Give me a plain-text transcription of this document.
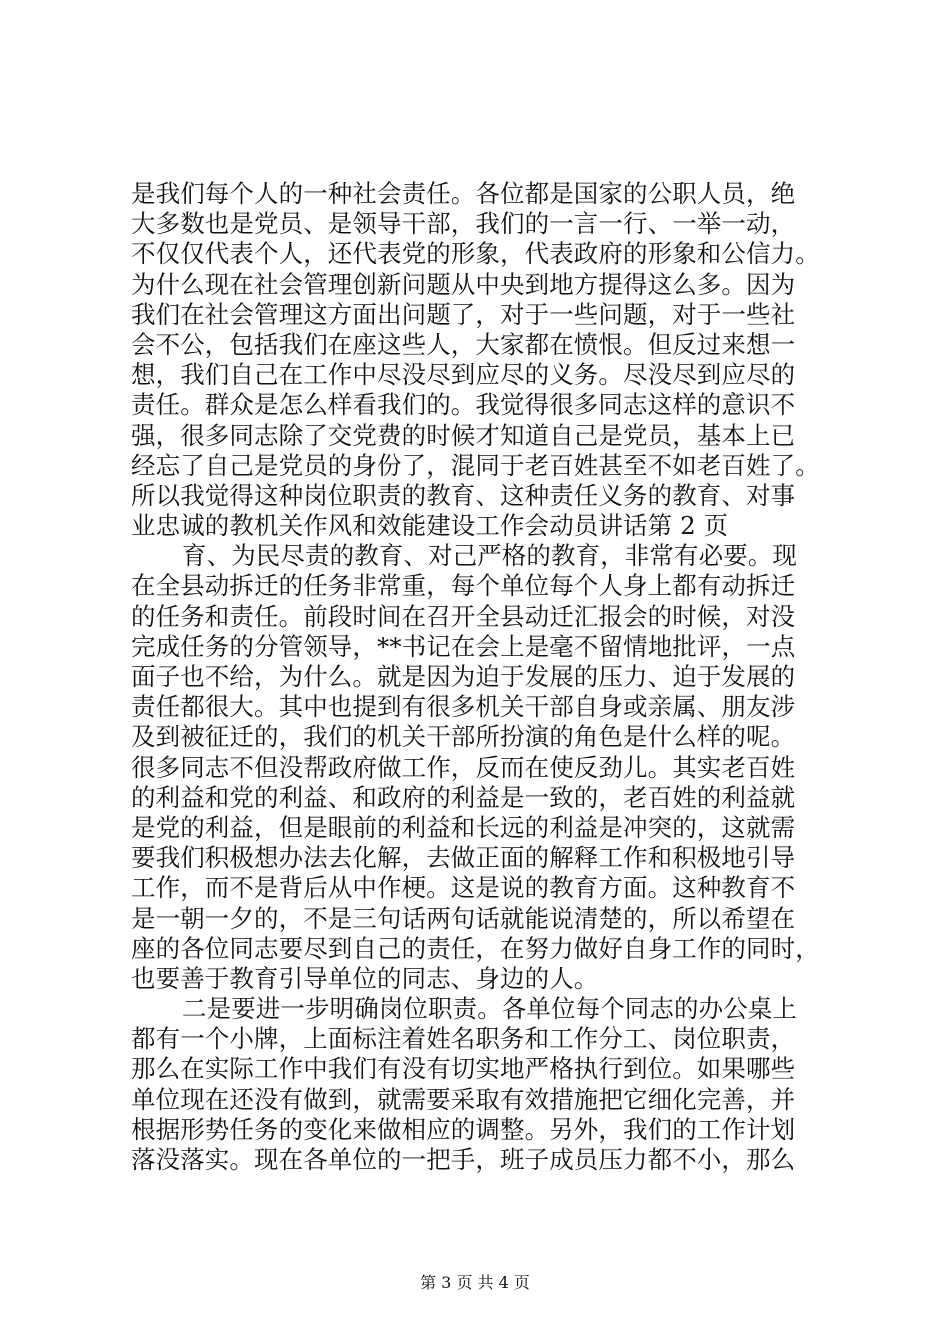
是我们每个人的一种社会责任。各位都是国家的公职人员，绝
大多数也是党员、是领导干部，我们的一言一行、一举一动，
不仅仅代表个人，还代表党的形象，代表政府的形象和公信力。
为什么现在社会管理创新问题从中央到地方提得这么多。因为
我们在社会管理这方面出问题了，对于一些问题，对于一些社
会不公，包括我们在座这些人，大家都在愤恨。但反过来想一
想，我们自己在工作中尽没尽到应尽的义务。尽没尽到应尽的
责任。群众是怎么样看我们的。我觉得很多同志这样的意识不
强，很多同志除了交党费的时候才知道自己是党员，基本上已
经忘了自己是党员的身份了，混同于老百姓甚至不如老百姓了。
所以我觉得这种岗位职责的教育、这种责任义务的教育、对事
业忠诚的教机关作风和效能建设工作会动员讲话第 2 页
育、为民尽责的教育、对己严格的教育，非常有必要。现
在全县动拆迁的任务非常重，每个单位每个人身上都有动拆迁
的任务和责任。前段时间在召开全县动迁汇报会的时候，对没
完成任务的分管领导，**书记在会上是毫不留情地批评，一点
面子也不给，为什么。就是因为迫于发展的压力、迫于发展的
责任都很大。其中也提到有很多机关干部自身或亲属、朋友涉
及到被征迁的，我们的机关干部所扮演的角色是什么样的呢。
很多同志不但没帮政府做工作，反而在使反劲儿。其实老百姓
的利益和党的利益、和政府的利益是一致的，老百姓的利益就
是党的利益，但是眼前的利益和长远的利益是冲突的，这就需
要我们积极想办法去化解，去做正面的解释工作和积极地引导
工作，而不是背后从中作梗。这是说的教育方面。这种教育不
是一朝一夕的，不是三句话两句话就能说清楚的，所以希望在
座的各位同志要尽到自己的责任，在努力做好自身工作的同时，
也要善于教育引导单位的同志、身边的人。
二是要进一步明确岗位职责。各单位每个同志的办公桌上
都有一个小牌，上面标注着姓名职务和工作分工、岗位职责，
那么在实际工作中我们有没有切实地严格执行到位。如果哪些
单位现在还没有做到，就需要采取有效措施把它细化完善，并
根据形势任务的变化来做相应的调整。另外，我们的工作计划
落没落实。现在各单位的一把手，班子成员压力都不小，那么
第 3 页 共 4 页
